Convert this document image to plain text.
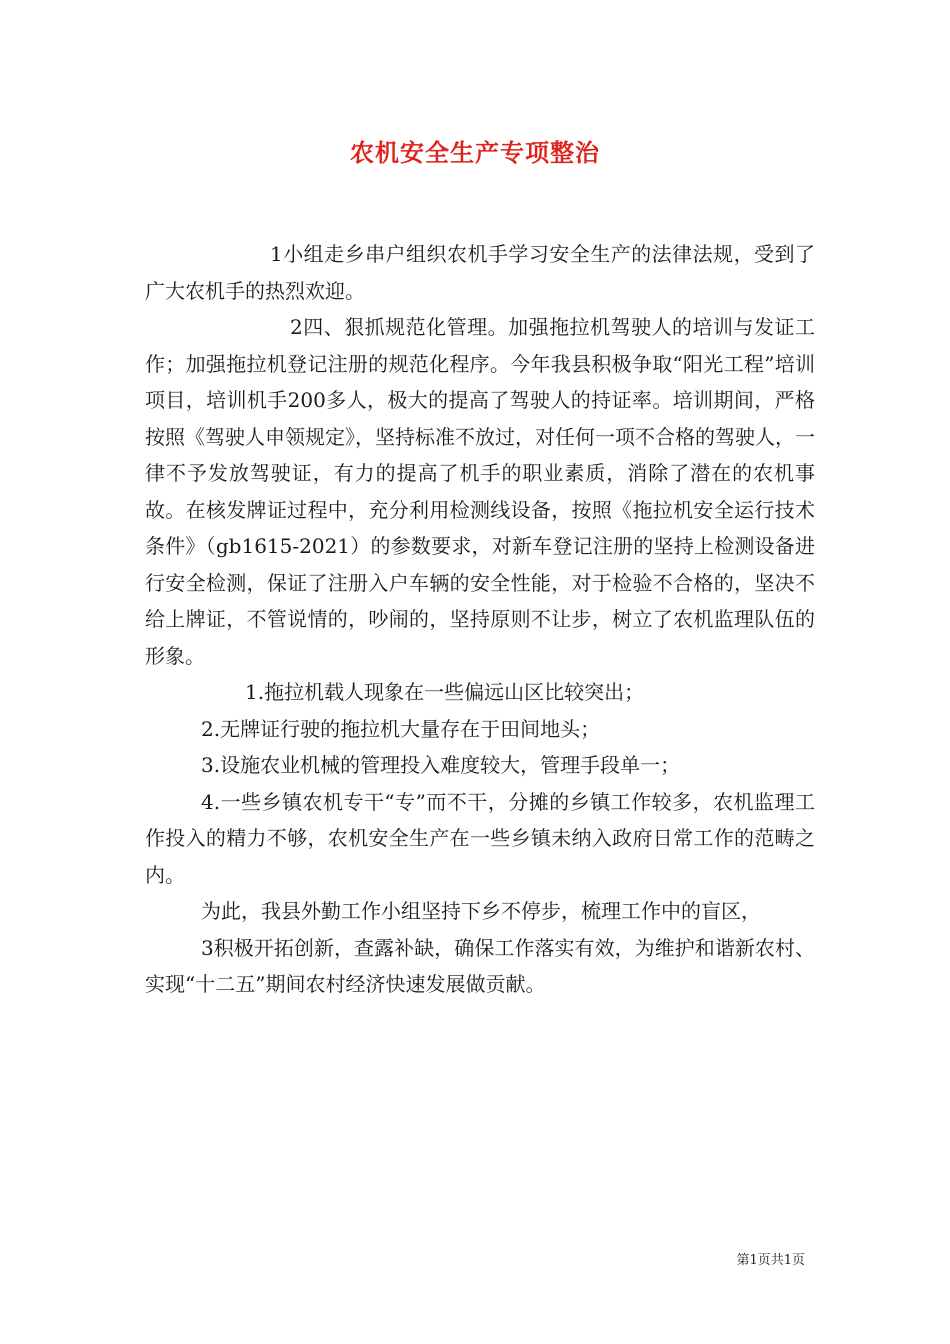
农机安全生产专项整治

1小组走乡串户组织农机手学习安全生产的法律法规，受到了广大农机手的热烈欢迎。

2四、狠抓规范化管理。加强拖拉机驾驶人的培训与发证工作；加强拖拉机登记注册的规范化程序。今年我县积极争取“阳光工程”培训项目，培训机手200多人，极大的提高了驾驶人的持证率。培训期间，严格按照《驾驶人申领规定》，坚持标准不放过，对任何一项不合格的驾驶人，一律不予发放驾驶证，有力的提高了机手的职业素质，消除了潜在的农机事故。在核发牌证过程中，充分利用检测线设备，按照《拖拉机安全运行技术条件》（gb1615-2021）的参数要求，对新车登记注册的坚持上检测设备进行安全检测，保证了注册入户车辆的安全性能，对于检验不合格的，坚决不给上牌证，不管说情的，吵闹的，坚持原则不让步，树立了农机监理队伍的形象。

1.拖拉机载人现象在一些偏远山区比较突出；

2.无牌证行驶的拖拉机大量存在于田间地头；

3.设施农业机械的管理投入难度较大，管理手段单一；

4.一些乡镇农机专干“专”而不干，分摊的乡镇工作较多，农机监理工作投入的精力不够，农机安全生产在一些乡镇未纳入政府日常工作的范畴之内。

为此，我县外勤工作小组坚持下乡不停步，梳理工作中的盲区，

3积极开拓创新，查露补缺，确保工作落实有效，为维护和谐新农村、实现“十二五”期间农村经济快速发展做贡献。

第1页共1页
